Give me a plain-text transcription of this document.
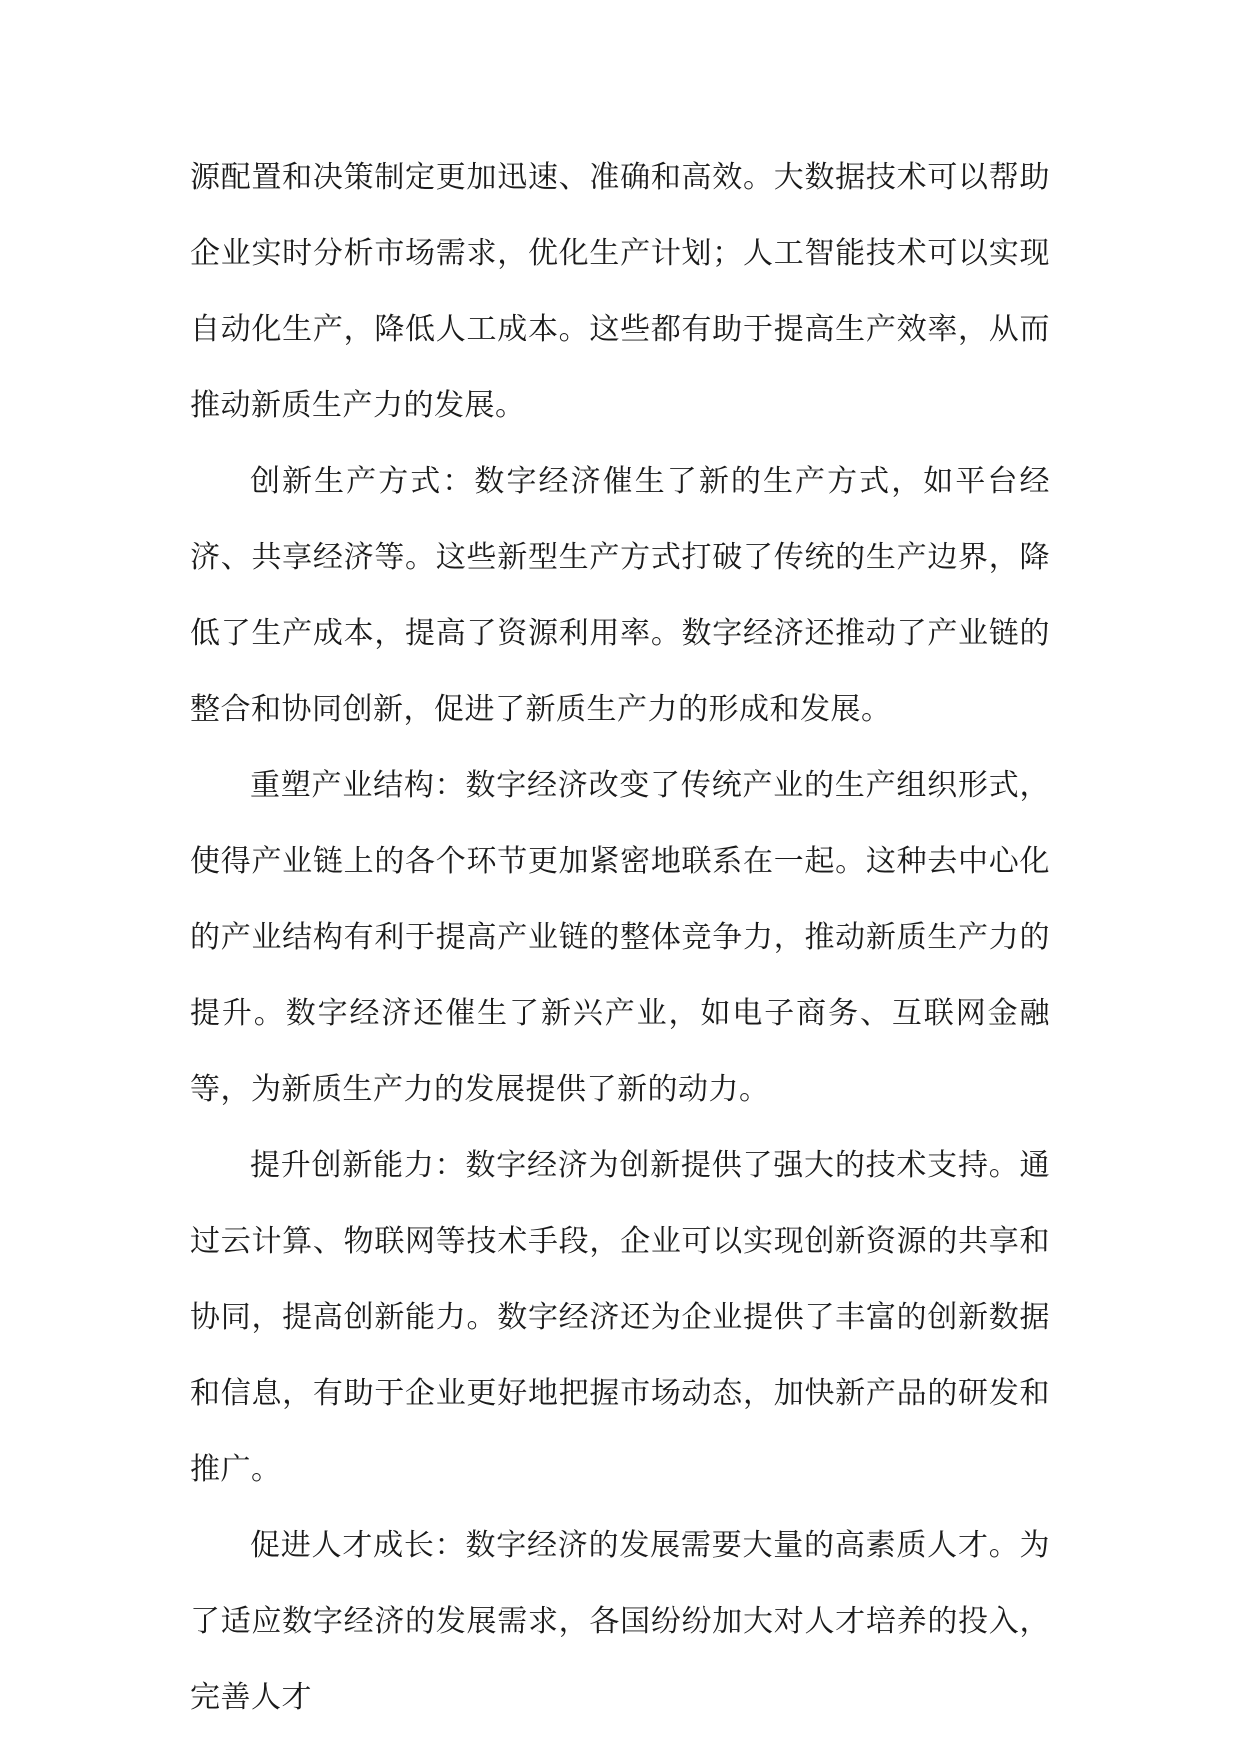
源配置和决策制定更加迅速、准确和高效。大数据技术可以帮助企业实时分析市场需求，优化生产计划；人工智能技术可以实现自动化生产，降低人工成本。这些都有助于提高生产效率，从而推动新质生产力的发展。

创新生产方式：数字经济催生了新的生产方式，如平台经济、共享经济等。这些新型生产方式打破了传统的生产边界，降低了生产成本，提高了资源利用率。数字经济还推动了产业链的整合和协同创新，促进了新质生产力的形成和发展。

重塑产业结构：数字经济改变了传统产业的生产组织形式，使得产业链上的各个环节更加紧密地联系在一起。这种去中心化的产业结构有利于提高产业链的整体竞争力，推动新质生产力的提升。数字经济还催生了新兴产业，如电子商务、互联网金融等，为新质生产力的发展提供了新的动力。

提升创新能力：数字经济为创新提供了强大的技术支持。通过云计算、物联网等技术手段，企业可以实现创新资源的共享和协同，提高创新能力。数字经济还为企业提供了丰富的创新数据和信息，有助于企业更好地把握市场动态，加快新产品的研发和推广。

促进人才成长：数字经济的发展需要大量的高素质人才。为了适应数字经济的发展需求，各国纷纷加大对人才培养的投入，完善人才
